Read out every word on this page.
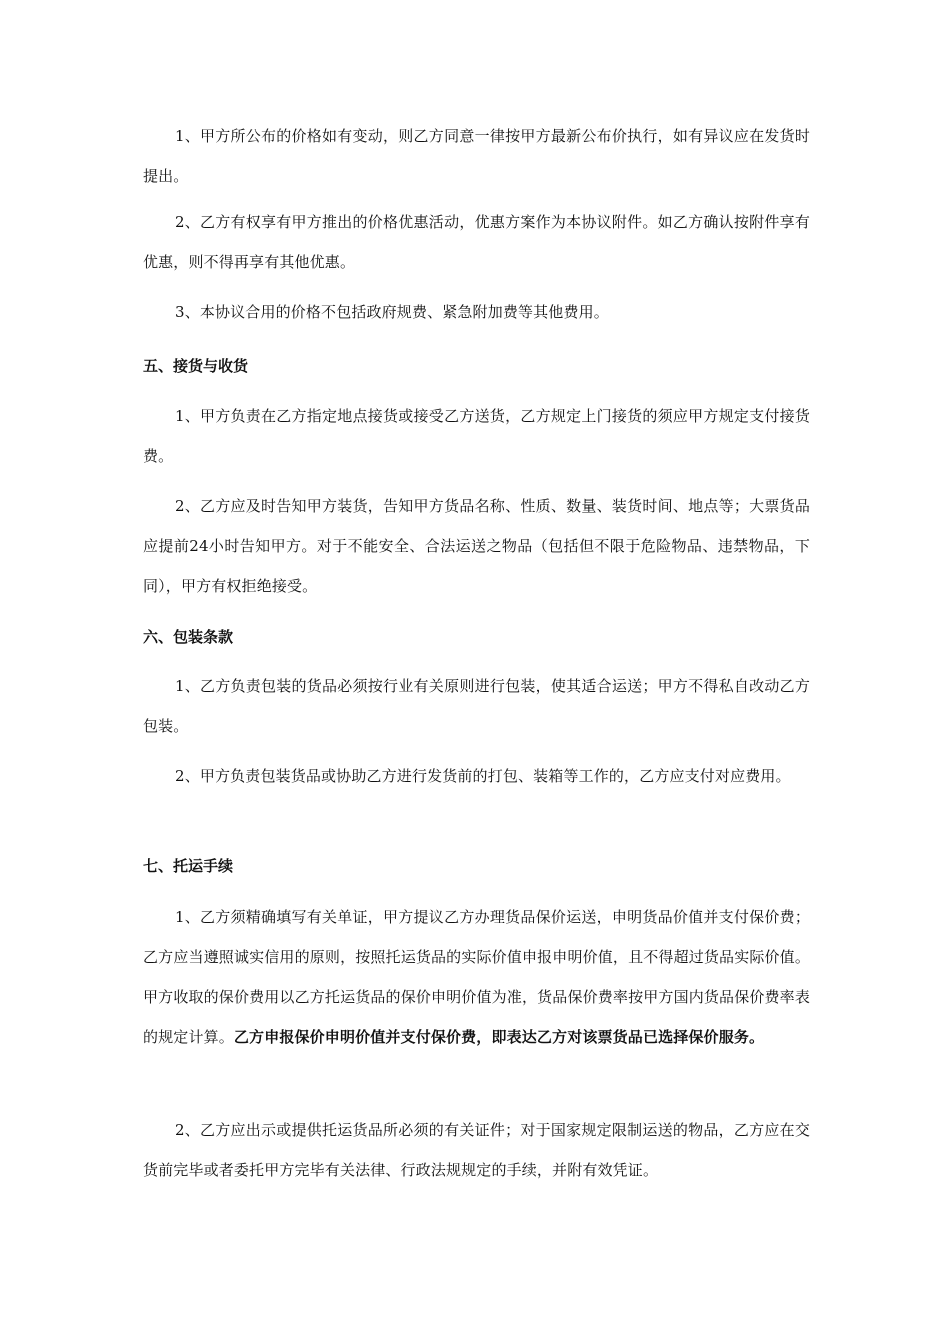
1、甲方所公布的价格如有变动，则乙方同意一律按甲方最新公布价执行，如有异议应在发货时提出。

2、乙方有权享有甲方推出的价格优惠活动，优惠方案作为本协议附件。如乙方确认按附件享有优惠，则不得再享有其他优惠。

3、本协议合用的价格不包括政府规费、紧急附加费等其他费用。

五、接货与收货

1、甲方负责在乙方指定地点接货或接受乙方送货，乙方规定上门接货的须应甲方规定支付接货费。

2、乙方应及时告知甲方装货，告知甲方货品名称、性质、数量、装货时间、地点等；大票货品应提前24小时告知甲方。对于不能安全、合法运送之物品（包括但不限于危险物品、违禁物品，下同），甲方有权拒绝接受。

六、包装条款

1、乙方负责包装的货品必须按行业有关原则进行包装，使其适合运送；甲方不得私自改动乙方包装。

2、甲方负责包装货品或协助乙方进行发货前的打包、装箱等工作的，乙方应支付对应费用。

七、托运手续

1、乙方须精确填写有关单证，甲方提议乙方办理货品保价运送，申明货品价值并支付保价费；乙方应当遵照诚实信用的原则，按照托运货品的实际价值申报申明价值，且不得超过货品实际价值。甲方收取的保价费用以乙方托运货品的保价申明价值为准，货品保价费率按甲方国内货品保价费率表的规定计算。乙方申报保价申明价值并支付保价费，即表达乙方对该票货品已选择保价服务。

2、乙方应出示或提供托运货品所必须的有关证件；对于国家规定限制运送的物品，乙方应在交货前完毕或者委托甲方完毕有关法律、行政法规规定的手续，并附有效凭证。
